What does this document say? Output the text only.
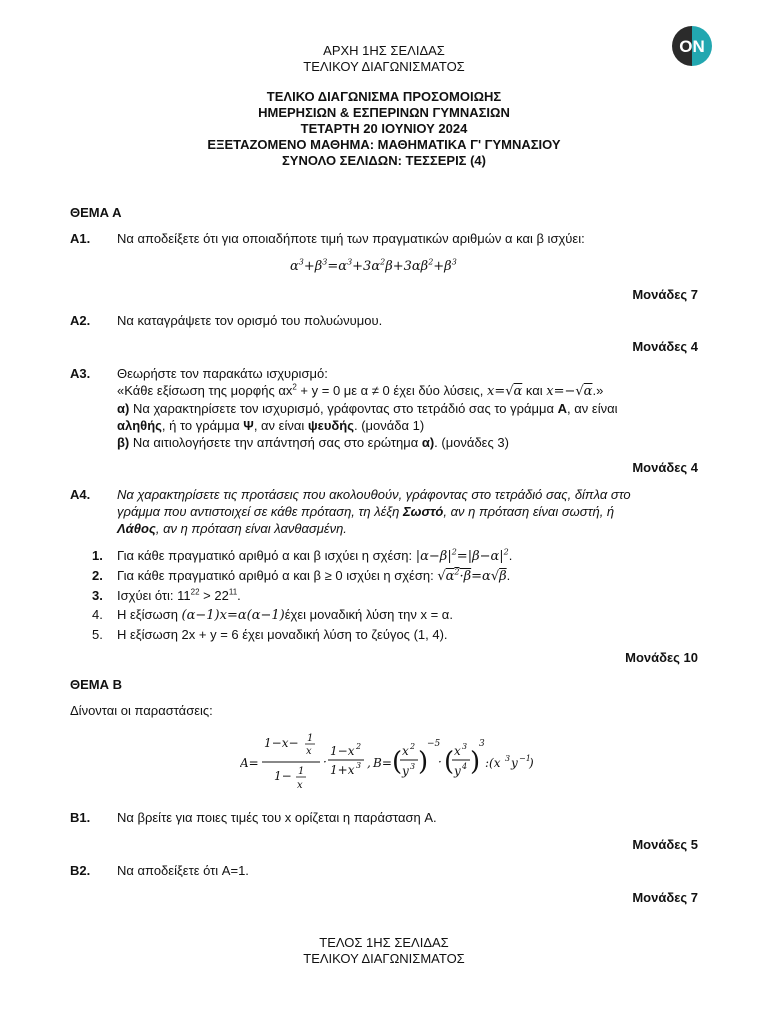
ON
ΑΡΧΗ 1ΗΣ ΣΕΛΙΔΑΣ
ΤΕΛΙΚΟΥ ΔΙΑΓΩΝΙΣΜΑΤΟΣ
ΤΕΛΙΚΟ ΔΙΑΓΩΝΙΣΜΑ ΠΡΟΣΟΜΟΙΩΗΣ
ΗΜΕΡΗΣΙΩΝ & ΕΣΠΕΡΙΝΩΝ ΓΥΜΝΑΣΙΩΝ
ΤΕΤΑΡΤΗ 20 ΙΟΥΝΙΟΥ 2024
ΕΞΕΤΑΖΟΜΕΝΟ ΜΑΘΗΜΑ: ΜΑΘΗΜΑΤΙΚΑ Γ' ΓΥΜΝΑΣΙΟΥ
ΣΥΝΟΛΟ ΣΕΛΙΔΩΝ: ΤΕΣΣΕΡΙΣ (4)
ΘΕΜΑ Α
Α1. Να αποδείξετε ότι για οποιαδήποτε τιμή των πραγματικών αριθμών α και β ισχύει:
$\alpha^3+\beta^3=\alpha^3+3\alpha^2\beta+3\alpha\beta^2+\beta^3$
Μονάδες 7
Α2. Να καταγράψετε τον ορισμό του πολυώνυμου.
Μονάδες 4
Α3. Θεωρήστε τον παρακάτω ισχυρισμό:
«Κάθε εξίσωση της μορφής $\alpha x^2 + y = 0$ με α ≠ 0 έχει δύο λύσεις, x=√α και x=−√α.»
α) Να χαρακτηρίσετε τον ισχυρισμό, γράφοντας στο τετράδιό σας το γράμμα Α, αν είναι
αληθής, ή το γράμμα Ψ, αν είναι ψευδής. (μονάδα 1)
β) Να αιτιολογήσετε την απάντησή σας στο ερώτημα α). (μονάδες 3)
Μονάδες 4
Α4. Να χαρακτηρίσετε τις προτάσεις που ακολουθούν, γράφοντας στο τετράδιό σας, δίπλα στο
γράμμα που αντιστοιχεί σε κάθε πρόταση, τη λέξη Σωστό, αν η πρόταση είναι σωστή, ή
Λάθος, αν η πρόταση είναι λανθασμένη.
1. Για κάθε πραγματικό αριθμό α και β ισχύει η σχέση: $|\alpha-\beta|^2=|\beta-\alpha|^2$.
2. Για κάθε πραγματικό αριθμό α και β ≥ 0 ισχύει η σχέση: $√\alpha^2\cdot\beta=\alpha√\beta$.
3. Ισχύει ότι: $11^{22} > 22^{11}$.
4. Η εξίσωση (α−1)x=α(α−1)έχει μοναδική λύση την x = α.
5. Η εξίσωση 2x + y = 6 έχει μοναδική λύση το ζεύγος (1, 4).
Μονάδες 10
ΘΕΜΑ Β
Δίνονται οι παραστάσεις:
A=
1−x− 1
x
1− 1
x
·
1−x 2
1+x 3 , B= ( x 2
y 3 )
−5
· ( x 3
y 4 )
3
:(x 3 y −1
)
Β1. Να βρείτε για ποιες τιμές του x ορίζεται η παράσταση A.
Μονάδες 5
Β2. Να αποδείξετε ότι A=1.
Μονάδες 7
ΤΕΛΟΣ 1ΗΣ ΣΕΛΙΔΑΣ
ΤΕΛΙΚΟΥ ΔΙΑΓΩΝΙΣΜΑΤΟΣ
